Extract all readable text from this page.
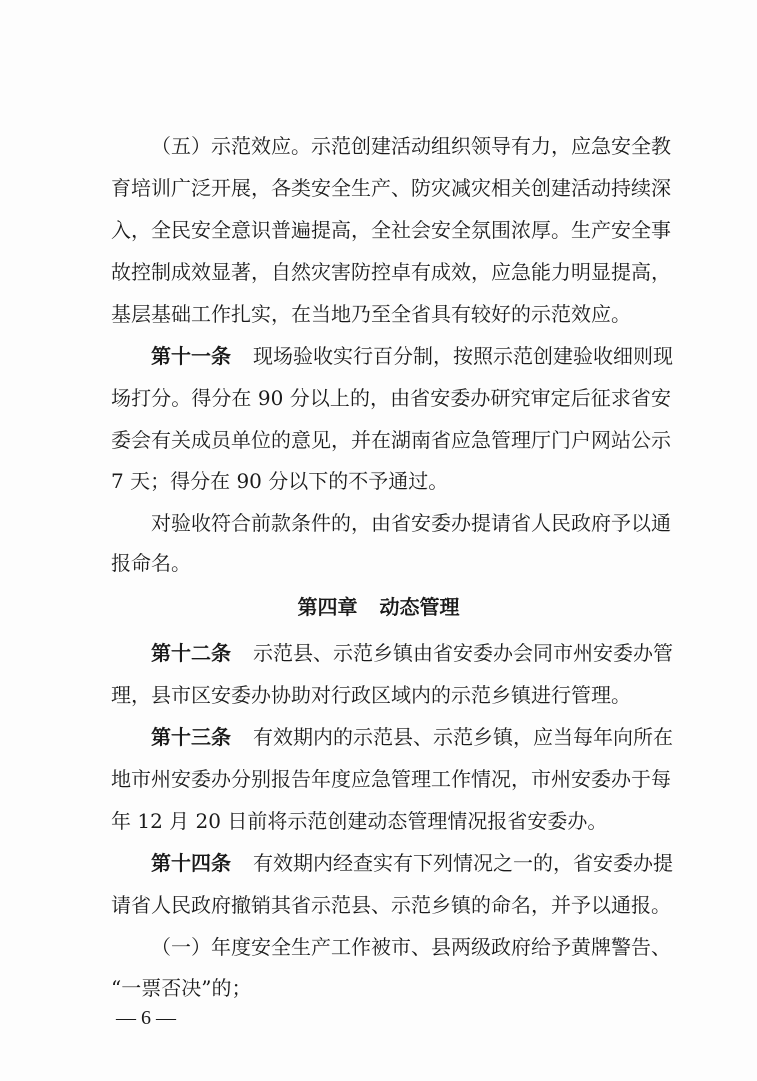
（五）示范效应。示范创建活动组织领导有力，应急安全教
育培训广泛开展，各类安全生产、防灾减灾相关创建活动持续深
入，全民安全意识普遍提高，全社会安全氛围浓厚。生产安全事
故控制成效显著，自然灾害防控卓有成效，应急能力明显提高，
基层基础工作扎实，在当地乃至全省具有较好的示范效应。
第十一条 现场验收实行百分制，按照示范创建验收细则现
场打分。得分在 90 分以上的，由省安委办研究审定后征求省安
委会有关成员单位的意见，并在湖南省应急管理厅门户网站公示
7 天；得分在 90 分以下的不予通过。
对验收符合前款条件的，由省安委办提请省人民政府予以通
报命名。
第四章 动态管理
第十二条 示范县、示范乡镇由省安委办会同市州安委办管
理，县市区安委办协助对行政区域内的示范乡镇进行管理。
第十三条 有效期内的示范县、示范乡镇，应当每年向所在
地市州安委办分别报告年度应急管理工作情况，市州安委办于每
年 12 月 20 日前将示范创建动态管理情况报省安委办。
第十四条 有效期内经查实有下列情况之一的，省安委办提
请省人民政府撤销其省示范县、示范乡镇的命名，并予以通报。
（一）年度安全生产工作被市、县两级政府给予黄牌警告、
“一票否决”的；
— 6 —
